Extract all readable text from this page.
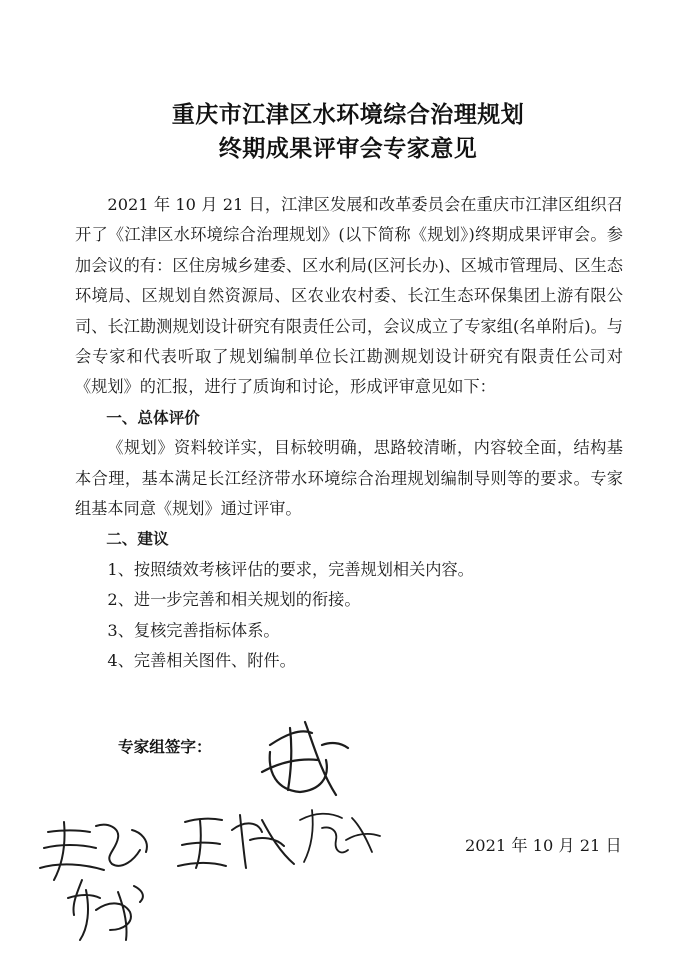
重庆市江津区水环境综合治理规划
终期成果评审会专家意见

2021 年 10 月 21 日，江津区发展和改革委员会在重庆市江津区组织召开了《江津区水环境综合治理规划》(以下简称《规划》)终期成果评审会。参加会议的有：区住房城乡建委、区水利局(区河长办)、区城市管理局、区生态环境局、区规划自然资源局、区农业农村委、长江生态环保集团上游有限公司、长江勘测规划设计研究有限责任公司，会议成立了专家组(名单附后)。与会专家和代表听取了规划编制单位长江勘测规划设计研究有限责任公司对《规划》的汇报，进行了质询和讨论，形成评审意见如下：

一、总体评价

《规划》资料较详实，目标较明确，思路较清晰，内容较全面，结构基本合理，基本满足长江经济带水环境综合治理规划编制导则等的要求。专家组基本同意《规划》通过评审。

二、建议

1、按照绩效考核评估的要求，完善规划相关内容。

2、进一步完善和相关规划的衔接。

3、复核完善指标体系。

4、完善相关图件、附件。

专家组签字：
2021 年 10 月 21 日
